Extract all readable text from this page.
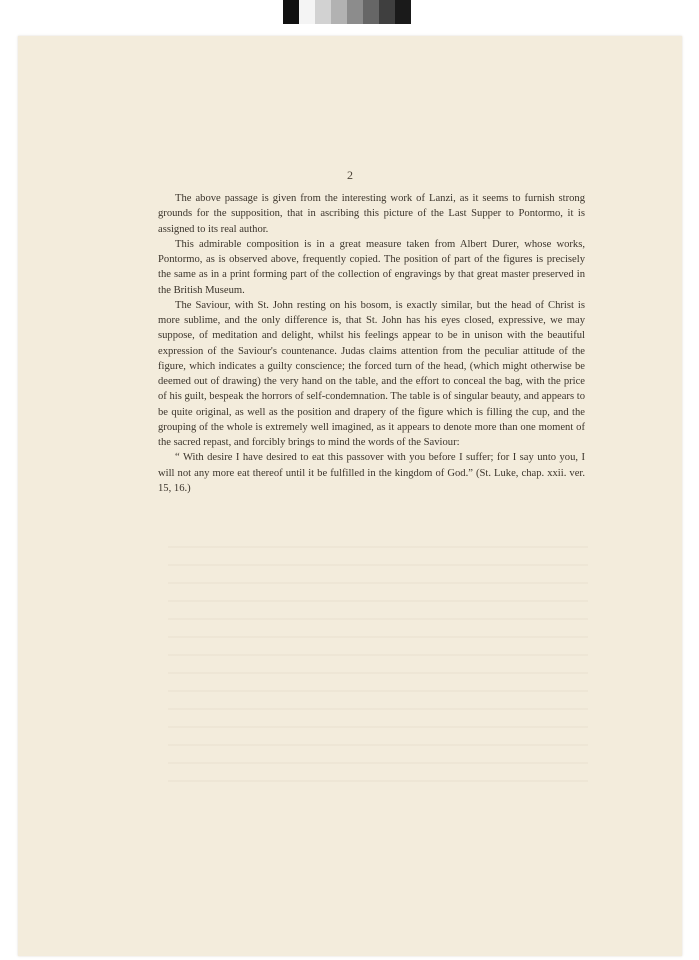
2

The above passage is given from the interesting work of Lanzi, as it seems to furnish strong grounds for the supposition, that in ascribing this picture of the Last Supper to Pontormo, it is assigned to its real author.

This admirable composition is in a great measure taken from Albert Durer, whose works, Pontormo, as is observed above, frequently copied. The position of part of the figures is precisely the same as in a print forming part of the collection of engravings by that great master preserved in the British Museum.

The Saviour, with St. John resting on his bosom, is exactly similar, but the head of Christ is more sublime, and the only difference is, that St. John has his eyes closed, expressive, we may suppose, of meditation and delight, whilst his feelings appear to be in unison with the beautiful expression of the Saviour's countenance. Judas claims attention from the peculiar attitude of the figure, which indicates a guilty conscience; the forced turn of the head, (which might otherwise be deemed out of drawing) the very hand on the table, and the effort to conceal the bag, with the price of his guilt, bespeak the horrors of self-condemnation. The table is of singular beauty, and appears to be quite original, as well as the position and drapery of the figure which is filling the cup, and the grouping of the whole is extremely well imagined, as it appears to denote more than one moment of the sacred repast, and forcibly brings to mind the words of the Saviour:

“ With desire I have desired to eat this passover with you before I suffer; for I say unto you, I will not any more eat thereof until it be fulfilled in the kingdom of God.” (St. Luke, chap. xxii. ver. 15, 16.)
